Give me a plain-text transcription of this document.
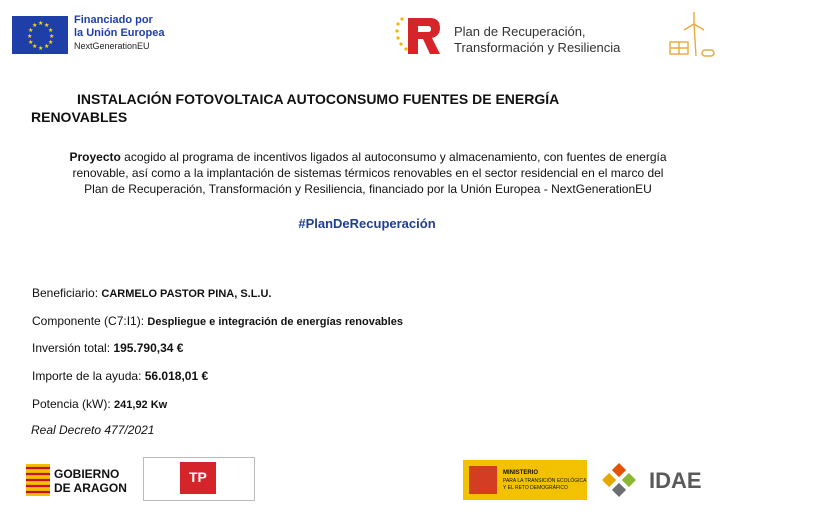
★ ★
★
★
★
★
★
★
★
★
★
★	Financiado por
la Unión Europea
NextGenerationEU
Plan de Recuperación,
Transformación y Resiliencia
INSTALACIÓN FOTOVOLTAICA AUTOCONSUMO FUENTES DE ENERGÍA
RENOVABLES
Proyecto acogido al programa de incentivos ligados al autoconsumo y almacenamiento, con fuentes de energía
renovable, así como a la implantación de sistemas térmicos renovables en el sector residencial en el marco del
Plan de Recuperación, Transformación y Resiliencia, financiado por la Unión Europea - NextGenerationEU
#PlanDeRecuperación
Beneficiario: CARMELO PASTOR PINA, S.L.U.
Componente (C7:I1): Despliegue e integración de energías renovables
Inversión total: 195.790,34 €
Importe de la ayuda: 56.018,01 €
Potencia (kW): 241,92 Kw
Real Decreto 477/2021
GOBIERNO
DE ARAGON
TP	MINISTERIO
PARA LA TRANSICIÓN ECOLÓGICA
Y EL RETO DEMOGRÁFICO	IDAE
